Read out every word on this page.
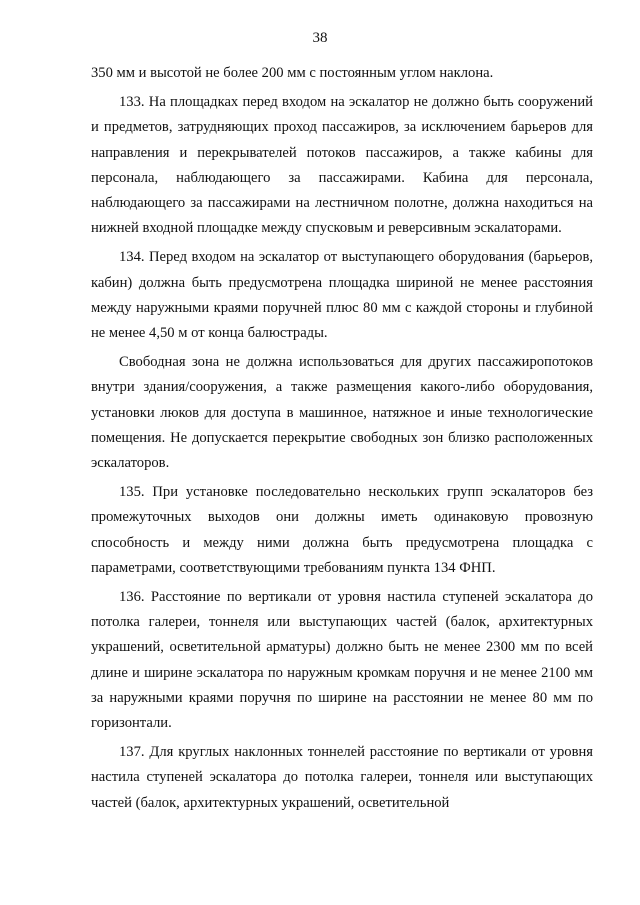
38

350 мм и высотой не более 200 мм с постоянным углом наклона.

133. На площадках перед входом на эскалатор не должно быть сооружений и предметов, затрудняющих проход пассажиров, за исключением барьеров для направления и перекрывателей потоков пассажиров, а также кабины для персонала, наблюдающего за пассажирами. Кабина для персонала, наблюдающего за пассажирами на лестничном полотне, должна находиться на нижней входной площадке между спусковым и реверсивным эскалаторами.

134. Перед входом на эскалатор от выступающего оборудования (барьеров, кабин) должна быть предусмотрена площадка шириной не менее расстояния между наружными краями поручней плюс 80 мм с каждой стороны и глубиной не менее 4,50 м от конца балюстрады.

Свободная зона не должна использоваться для других пассажиропотоков внутри здания/сооружения, а также размещения какого-либо оборудования, установки люков для доступа в машинное, натяжное и иные технологические помещения. Не допускается перекрытие свободных зон близко расположенных эскалаторов.

135. При установке последовательно нескольких групп эскалаторов без промежуточных выходов они должны иметь одинаковую провозную способность и между ними должна быть предусмотрена площадка с параметрами, соответствующими требованиям пункта 134 ФНП.

136. Расстояние по вертикали от уровня настила ступеней эскалатора до потолка галереи, тоннеля или выступающих частей (балок, архитектурных украшений, осветительной арматуры) должно быть не менее 2300 мм по всей длине и ширине эскалатора по наружным кромкам поручня и не менее 2100 мм за наружными краями поручня по ширине на расстоянии не менее 80 мм по горизонтали.

137. Для круглых наклонных тоннелей расстояние по вертикали от уровня настила ступеней эскалатора до потолка галереи, тоннеля или выступающих частей (балок, архитектурных украшений, осветительной
